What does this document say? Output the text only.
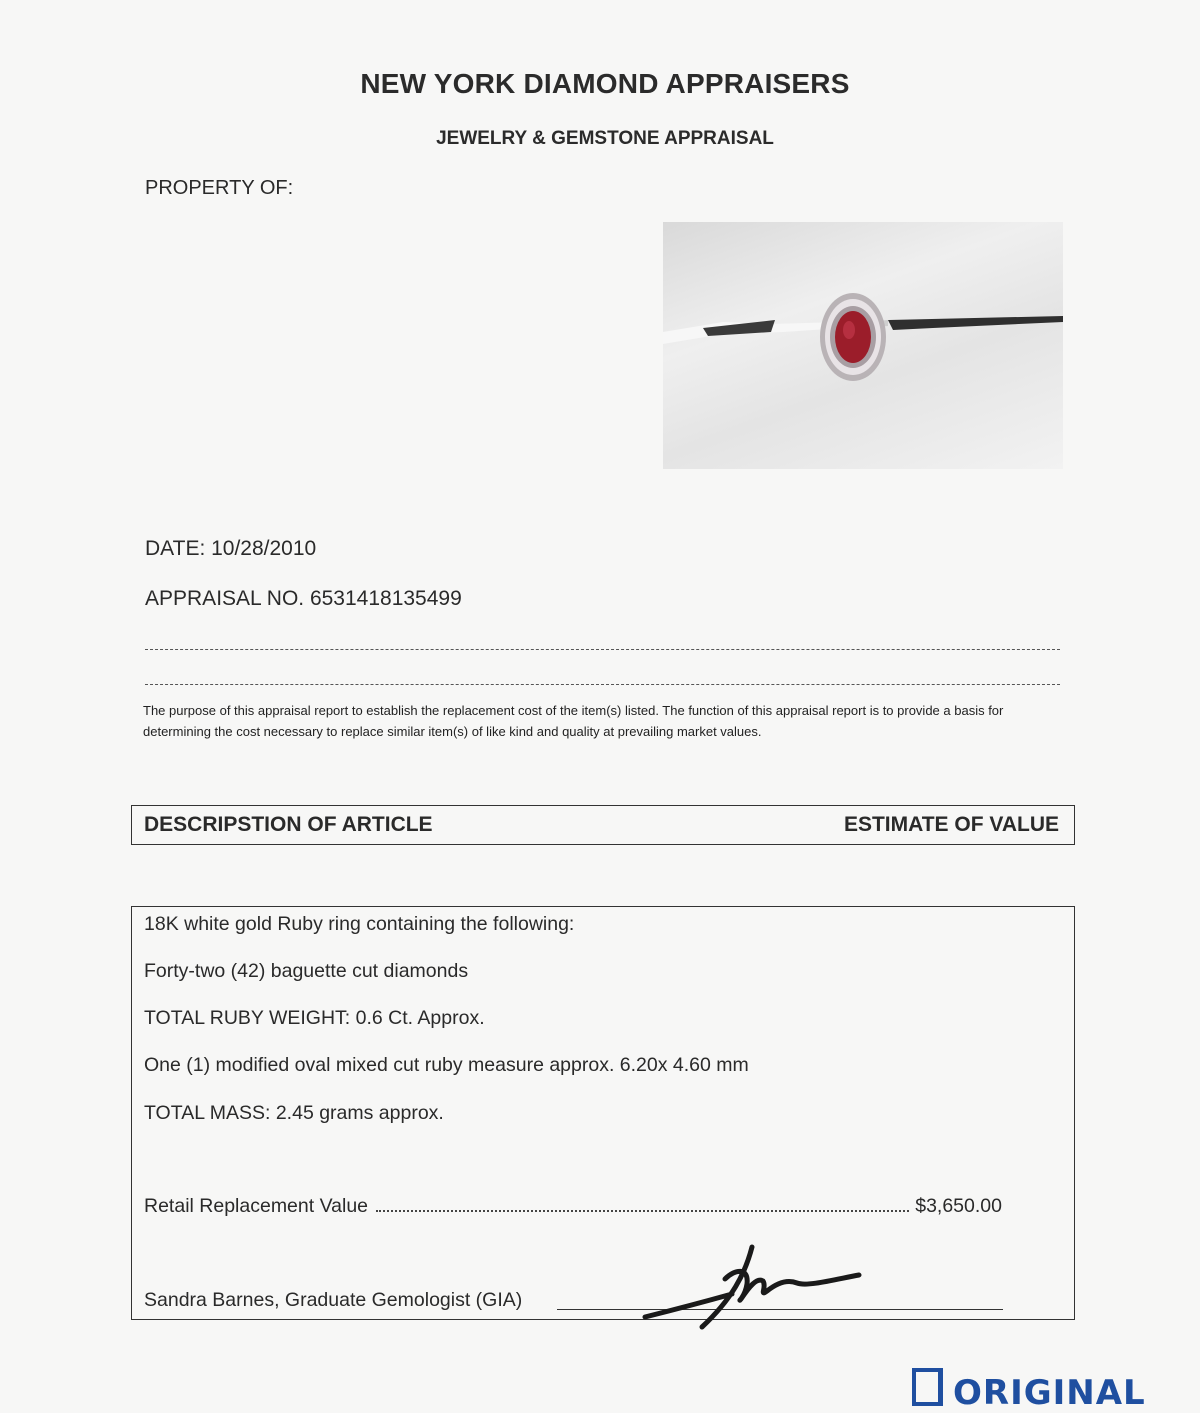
NEW YORK DIAMOND APPRAISERS
JEWELRY & GEMSTONE APPRAISAL
PROPERTY OF:
DATE: 10/28/2010
APPRAISAL NO. 6531418135499
The purpose of this appraisal report to establish the replacement cost of the item(s) listed. The function of this appraisal report is to provide a basis for determining the cost necessary to replace similar item(s) of like kind and quality at prevailing market values.
DESCRIPSTION OF ARTICLE	ESTIMATE OF VALUE
18K white gold Ruby ring containing the following:
Forty-two (42) baguette cut diamonds
TOTAL RUBY WEIGHT: 0.6 Ct. Approx.
One (1) modified oval mixed cut ruby measure approx. 6.20x 4.60 mm
TOTAL MASS: 2.45 grams approx.
Retail Replacement Value	$3,650.00
Sandra Barnes, Graduate Gemologist (GIA)
ORIGINAL
